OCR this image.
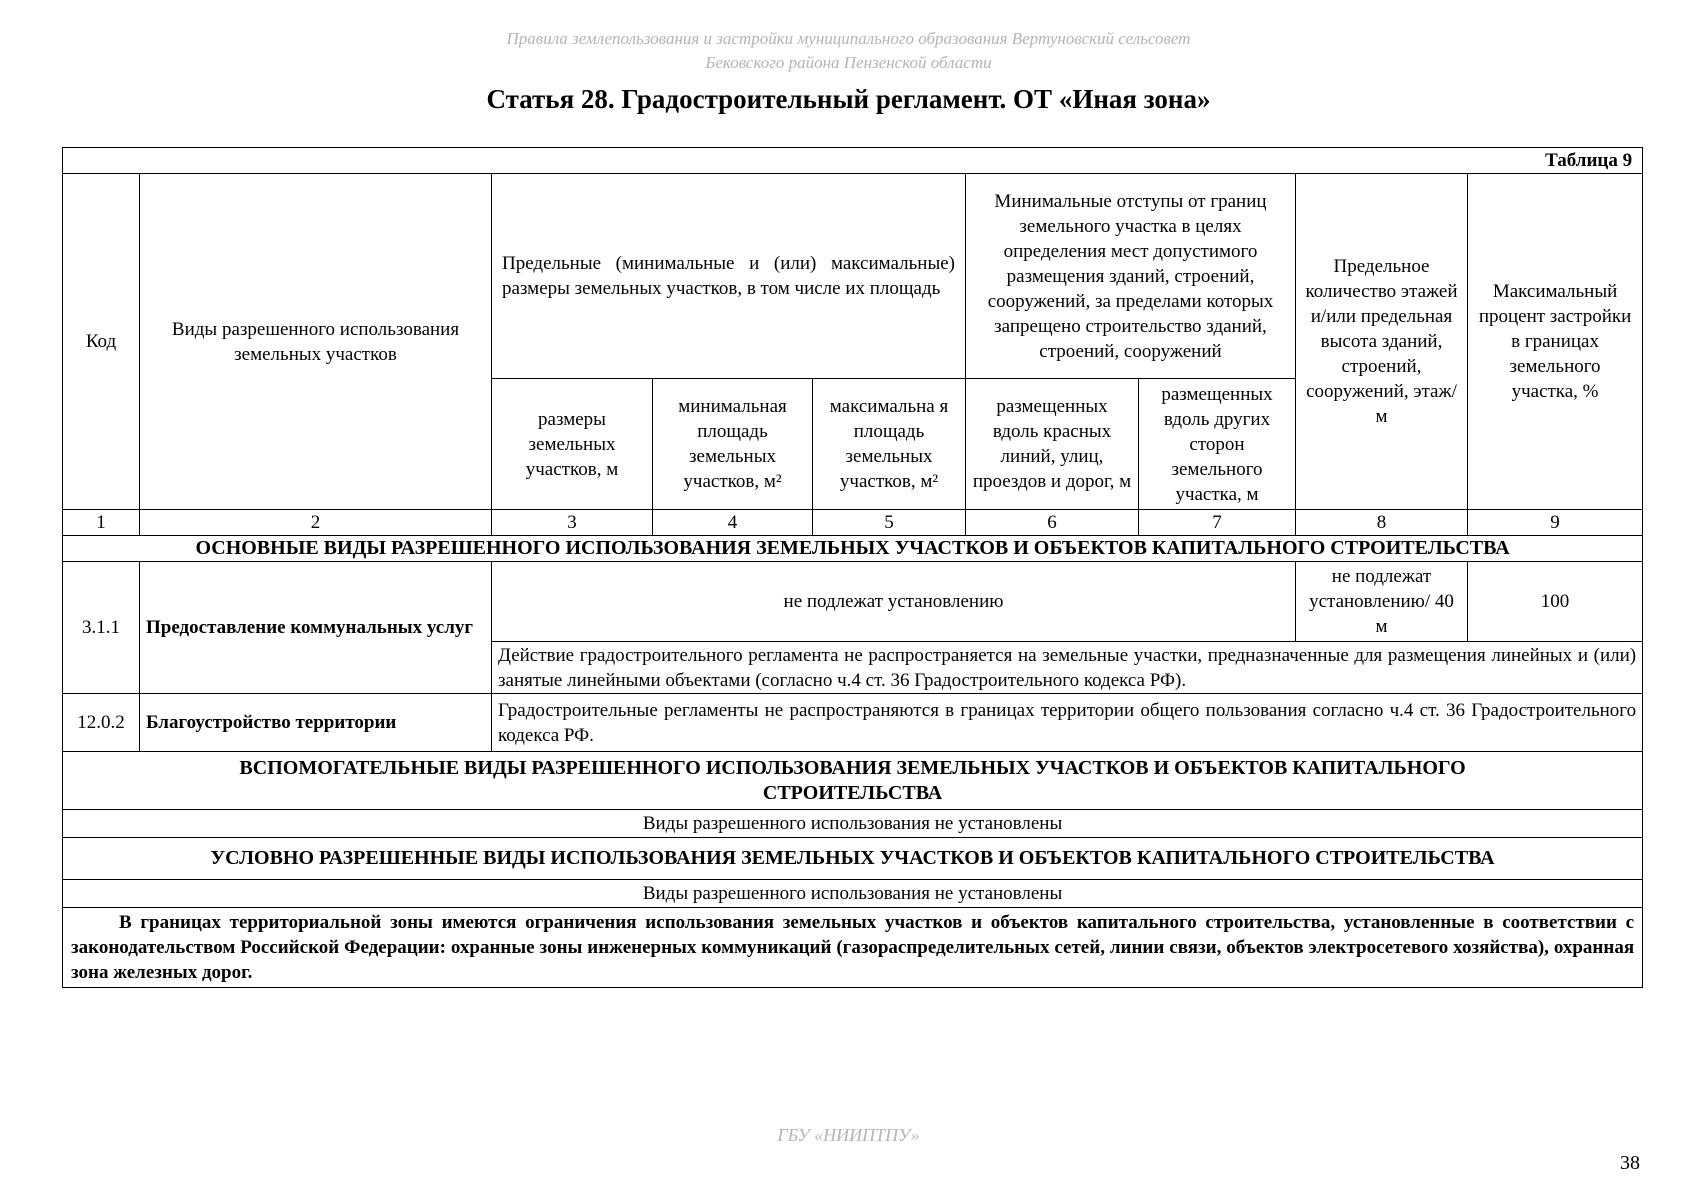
Правила землепользования и застройки муниципального образования Вертуновский сельсовет
Бековского района Пензенской области
Статья 28. Градостроительный регламент. ОТ «Иная зона»
Таблица 9								
Код	Виды разрешенного использования земельных участков	Предельные (минимальные и (или) максимальные) размеры земельных участков, в том числе их площадь			Минимальные отступы от границ земельного участка в целях определения мест допустимого размещения зданий, строений, сооружений, за пределами которых запрещено строительство зданий, строений, сооружений		Предельное количество этажей и/или предельная высота зданий, строений, сооружений, этаж/м	Максимальный процент застройки в границах земельного участка, %
		размеры земельных участков, м	минимальная площадь земельных участков, м²	максимальна я площадь земельных участков, м²	размещенных вдоль красных линий, улиц, проездов и дорог, м	размещенных вдоль других сторон земельного участка, м		
1	2	3	4	5	6	7	8	9
ОСНОВНЫЕ ВИДЫ РАЗРЕШЕННОГО ИСПОЛЬЗОВАНИЯ ЗЕМЕЛЬНЫХ УЧАСТКОВ И ОБЪЕКТОВ КАПИТАЛЬНОГО СТРОИТЕЛЬСТВА								
3.1.1	Предоставление коммунальных услуг	не подлежат установлению					не подлежат установлению/ 40 м	100
		Действие градостроительного регламента не распространяется на земельные участки, предназначенные для размещения линейных и (или) занятые линейными объектами (согласно ч.4 ст. 36 Градостроительного кодекса РФ).						
12.0.2	Благоустройство территории	Градостроительные регламенты не распространяются в границах территории общего пользования согласно ч.4 ст. 36 Градостроительного кодекса РФ.						
ВСПОМОГАТЕЛЬНЫЕ ВИДЫ РАЗРЕШЕННОГО ИСПОЛЬЗОВАНИЯ ЗЕМЕЛЬНЫХ УЧАСТКОВ И ОБЪЕКТОВ КАПИТАЛЬНОГО СТРОИТЕЛЬСТВА								
Виды разрешенного использования не установлены								
УСЛОВНО РАЗРЕШЕННЫЕ ВИДЫ ИСПОЛЬЗОВАНИЯ ЗЕМЕЛЬНЫХ УЧАСТКОВ И ОБЪЕКТОВ КАПИТАЛЬНОГО СТРОИТЕЛЬСТВА								
Виды разрешенного использования не установлены								
В границах территориальной зоны имеются ограничения использования земельных участков и объектов капитального строительства, установленные в соответствии с законодательством Российской Федерации: охранные зоны инженерных коммуникаций (газораспределительных сетей, линии связи, объектов электросетевого хозяйства), охранная зона железных дорог.								
ГБУ «НИИПТПУ»
38
